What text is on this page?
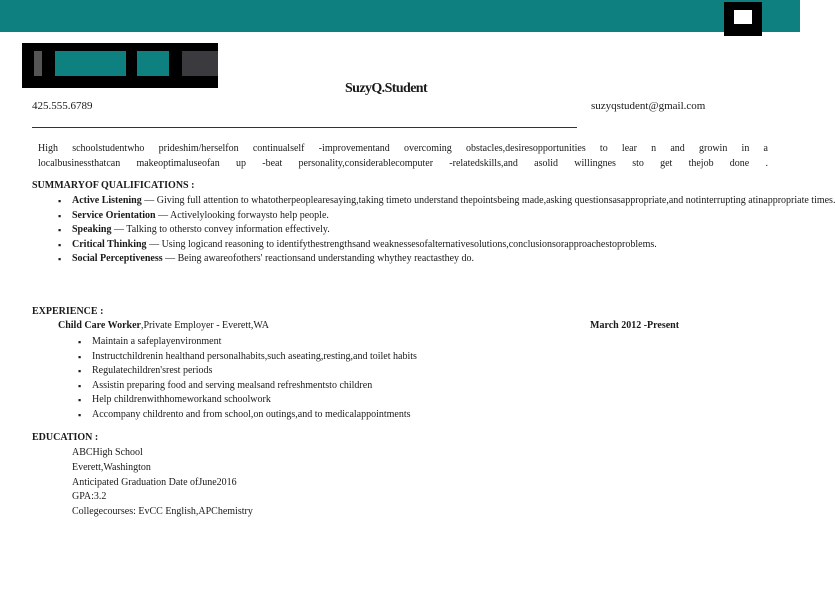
SuzyQ.Student
425.555.6789	suzyqstudent@gmail.com
High schoolstudentwho prideshim/herselfon continualself -improvementand overcoming obstacles,desiresopportunities to lear n and growin in a
localbusinessthatcan makeoptimaluseofan up -beat personality,considerablecomputer -relatedskills,and asolid willingnes sto get thejob done .
SUMMARYOF QUALIFICATIONS :
▪ Active Listening — Giving full attention to whatotherpeoplearesaying,taking timeto understand thepointsbeing made,asking questionsasappropriate,and notinterrupting atinappropriate times.
▪ Service Orientation — Activelylooking forwaysto help people.
▪ Speaking — Talking to othersto convey information effectively.
▪ Critical Thinking — Using logicand reasoning to identifythestrengthsand weaknessesofalternativesolutions,conclusionsorapproachestoproblems.
▪ Social Perceptiveness — Being awareofothers' reactionsand understanding whythey reactasthey do.
EXPERIENCE :
Child Care Worker,Private Employer - Everett,WA	March 2012 -Present
▪ Maintain a safeplayenvironment
▪ Instructchildrenin healthand personalhabits,such aseating,resting,and toilet habits
▪ Regulatechildren'srest periods
▪ Assistin preparing food and serving mealsand refreshmentsto children
▪ Help childrenwithhomeworkand schoolwork
▪ Accompany childrento and from school,on outings,and to medicalappointments
EDUCATION :
ABCHigh School
Everett,Washington
Anticipated Graduation Date ofJune2016
GPA:3.2
Collegecourses: EvCC English,APChemistry
